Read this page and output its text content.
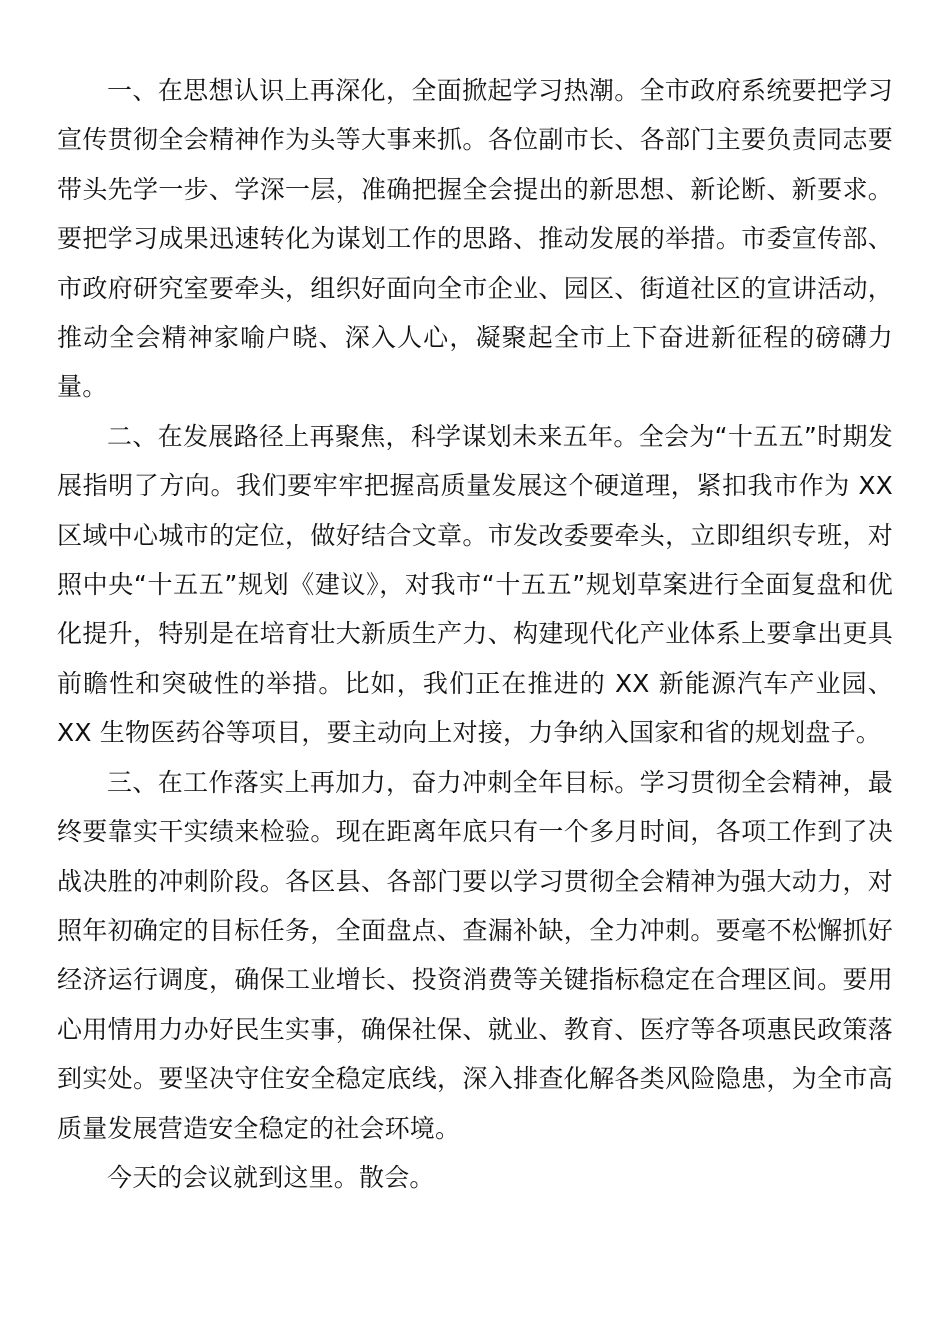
一、在思想认识上再深化，全面掀起学习热潮。全市政府系统要把学习宣传贯彻全会精神作为头等大事来抓。各位副市长、各部门主要负责同志要带头先学一步、学深一层，准确把握全会提出的新思想、新论断、新要求。要把学习成果迅速转化为谋划工作的思路、推动发展的举措。市委宣传部、市政府研究室要牵头，组织好面向全市企业、园区、街道社区的宣讲活动，推动全会精神家喻户晓、深入人心，凝聚起全市上下奋进新征程的磅礴力量。

二、在发展路径上再聚焦，科学谋划未来五年。全会为“十五五”时期发展指明了方向。我们要牢牢把握高质量发展这个硬道理，紧扣我市作为 XX 区域中心城市的定位，做好结合文章。市发改委要牵头，立即组织专班，对照中央“十五五”规划《建议》，对我市“十五五”规划草案进行全面复盘和优化提升，特别是在培育壮大新质生产力、构建现代化产业体系上要拿出更具前瞻性和突破性的举措。比如，我们正在推进的 XX 新能源汽车产业园、XX 生物医药谷等项目，要主动向上对接，力争纳入国家和省的规划盘子。

三、在工作落实上再加力，奋力冲刺全年目标。学习贯彻全会精神，最终要靠实干实绩来检验。现在距离年底只有一个多月时间，各项工作到了决战决胜的冲刺阶段。各区县、各部门要以学习贯彻全会精神为强大动力，对照年初确定的目标任务，全面盘点、查漏补缺，全力冲刺。要毫不松懈抓好经济运行调度，确保工业增长、投资消费等关键指标稳定在合理区间。要用心用情用力办好民生实事，确保社保、就业、教育、医疗等各项惠民政策落到实处。要坚决守住安全稳定底线，深入排查化解各类风险隐患，为全市高质量发展营造安全稳定的社会环境。

今天的会议就到这里。散会。
